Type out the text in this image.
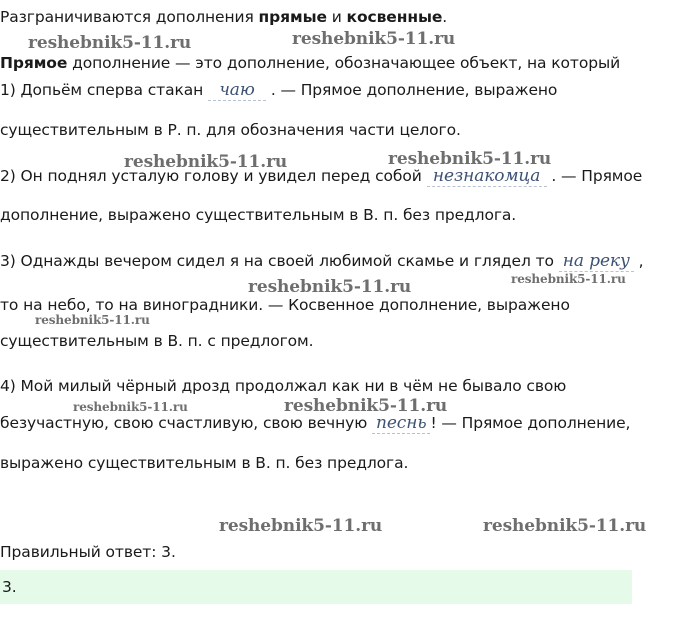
reshebnik5-11.ru	reshebnik5-11.ru
reshebnik5-11.ru	reshebnik5-11.ru
reshebnik5-11.ru	reshebnik5-11.ru
reshebnik5-11.ru
reshebnik5-11.ru	reshebnik5-11.ru
reshebnik5-11.ru	reshebnik5-11.ru
Разграничиваются дополнения прямые и косвенные.
Прямое дополнение — это дополнение, обозначающее объект, на который
1) Допьём сперва стакан чаю . — Прямое дополнение, выражено
существительным в Р. п. для обозначения части целого.
2) Он поднял усталую голову и увидел перед собой незнакомца . — Прямое
дополнение, выражено существительным в В. п. без предлога.
3) Однажды вечером сидел я на своей любимой скамье и глядел то на реку ,
то на небо, то на виноградники. — Косвенное дополнение, выражено
существительным в В. п. с предлогом.
4) Мой милый чёрный дрозд продолжал как ни в чём не бывало свою
безучастную, свою счастливую, свою вечную песнь ! — Прямое дополнение,
выражено существительным в В. п. без предлога.
Правильный ответ: 3.
3.
